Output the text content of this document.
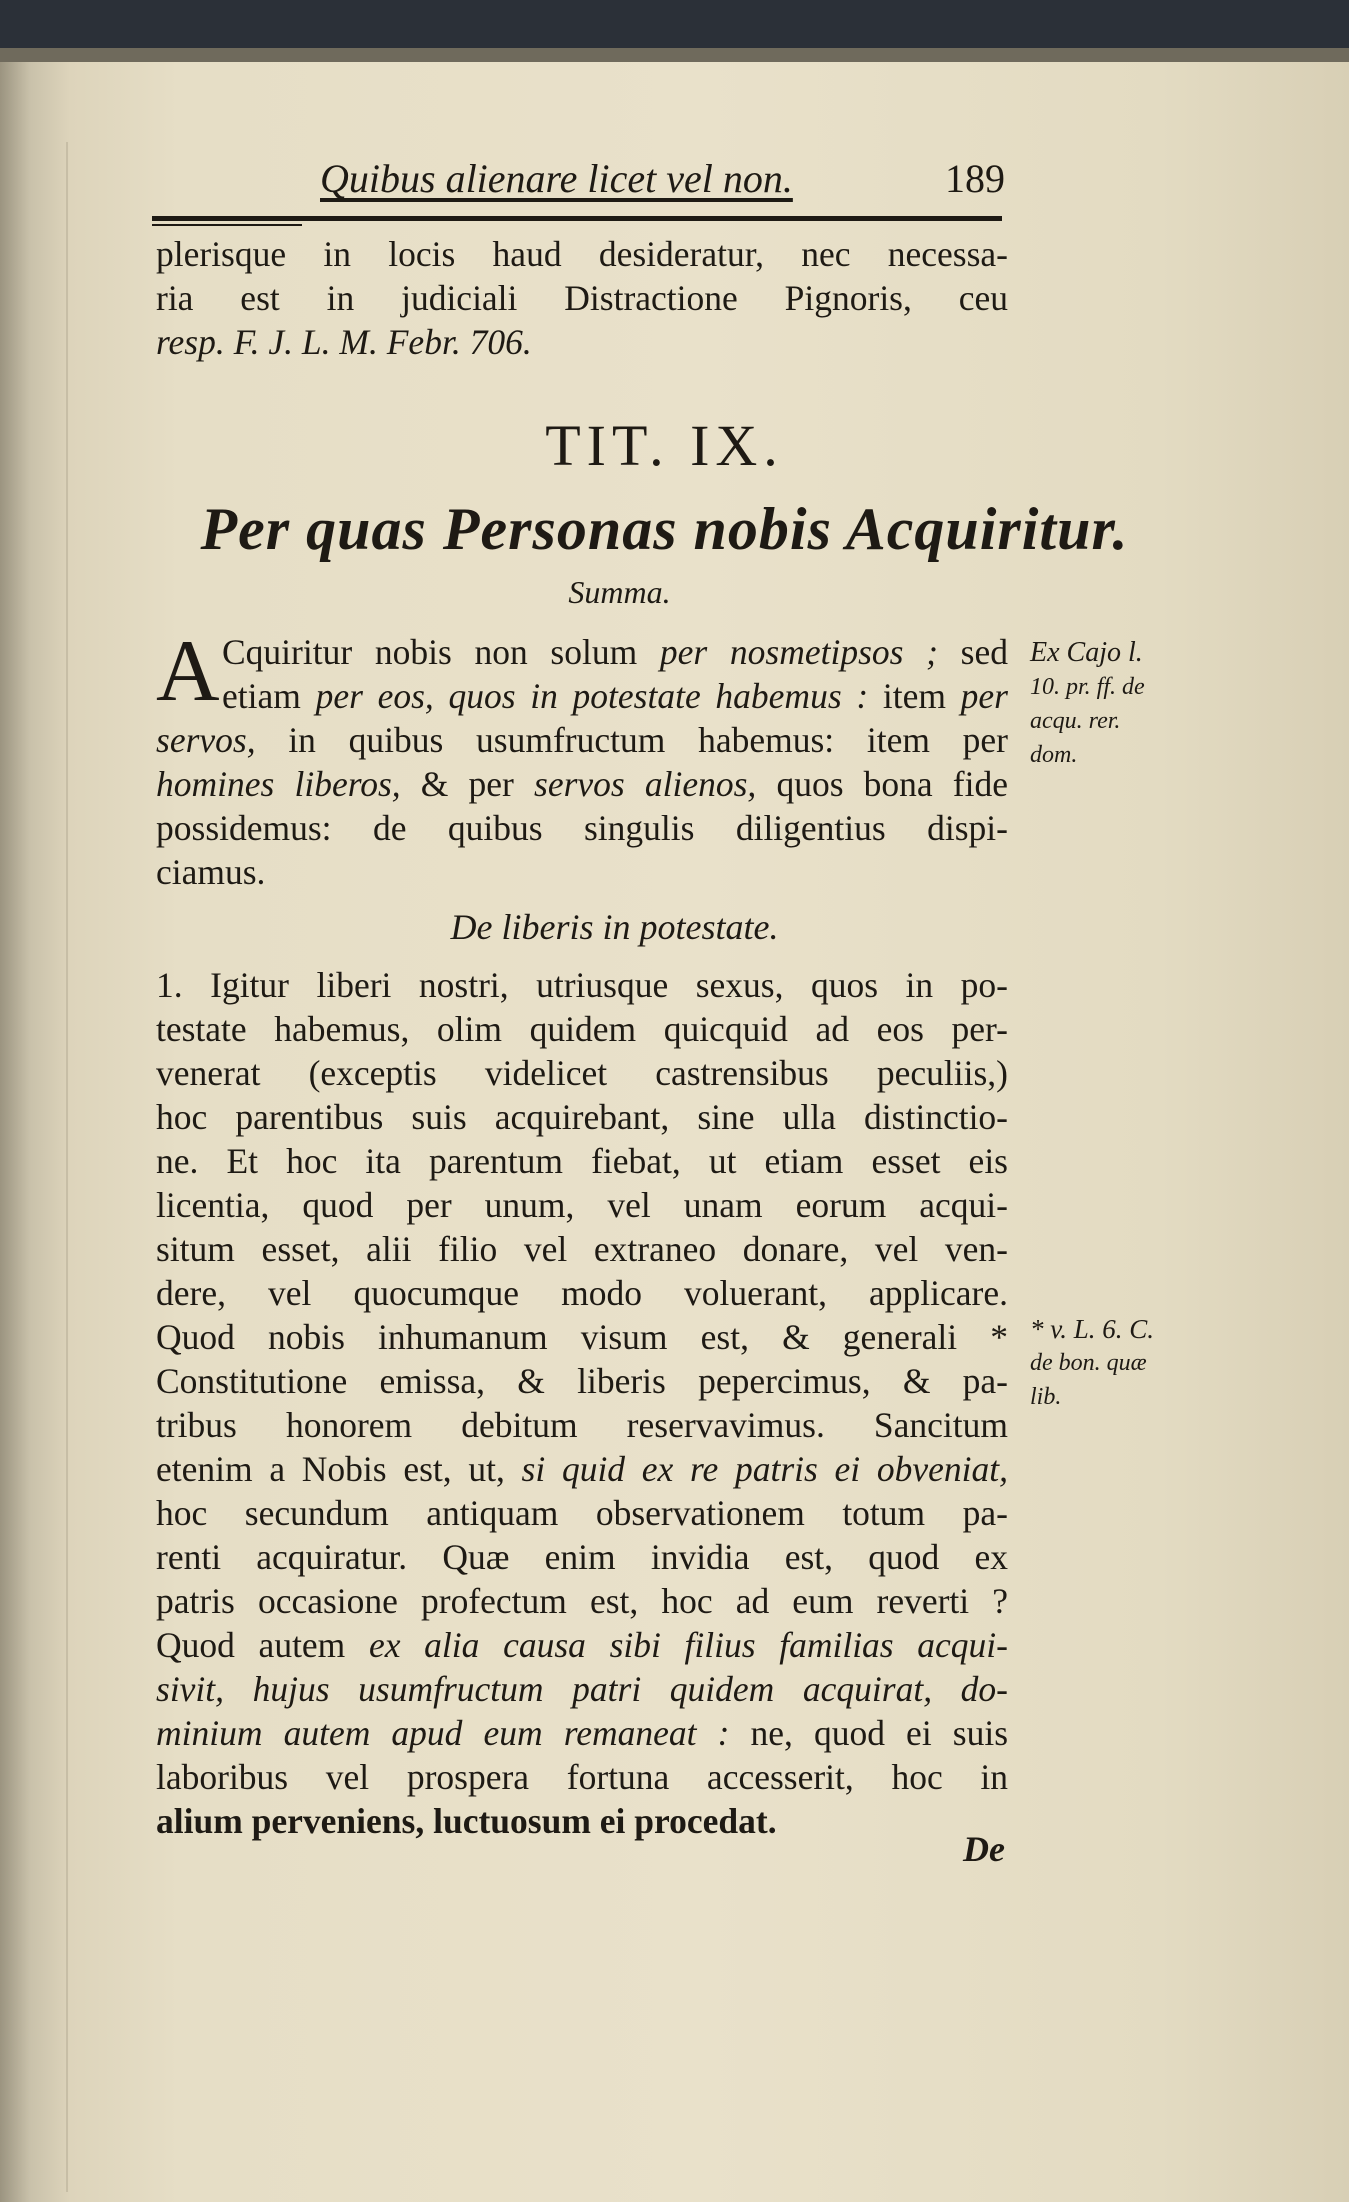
Quibus alienare licet vel non.	189
plerisque in locis haud desideratur, nec necessa-
ria est in judiciali Distractione Pignoris, ceu
resp. F. J. L. M. Febr. 706.
TIT. IX.
Per quas Personas nobis Acquiritur.
Summa.
A Cquiritur nobis non solum per nosmetipsos ; sed
etiam per eos, quos in potestate habemus : item per
servos, in quibus usumfructum habemus: item per
homines liberos, & per servos alienos, quos bona fide
possidemus: de quibus singulis diligentius dispi-
ciamus.
Ex Cajo l.
10. pr. ff. de
acqu. rer.
dom.
De liberis in potestate.
1. Igitur liberi nostri, utriusque sexus, quos in po-
testate habemus, olim quidem quicquid ad eos per-
venerat (exceptis videlicet castrensibus peculiis,)
hoc parentibus suis acquirebant, sine ulla distinctio-
ne. Et hoc ita parentum fiebat, ut etiam esset eis
licentia, quod per unum, vel unam eorum acqui-
situm esset, alii filio vel extraneo donare, vel ven-
dere, vel quocumque modo voluerant, applicare.
Quod nobis inhumanum visum est, & generali *
Constitutione emissa, & liberis pepercimus, & pa-
tribus honorem debitum reservavimus. Sancitum
etenim a Nobis est, ut, si quid ex re patris ei obveniat,
hoc secundum antiquam observationem totum pa-
renti acquiratur. Quæ enim invidia est, quod ex
patris occasione profectum est, hoc ad eum reverti ?
Quod autem ex alia causa sibi filius familias acqui-
sivit, hujus usumfructum patri quidem acquirat, do-
minium autem apud eum remaneat : ne, quod ei suis
laboribus vel prospera fortuna accesserit, hoc in
alium perveniens, luctuosum ei procedat.
* v. L. 6. C.
de bon. quæ
lib.
De
